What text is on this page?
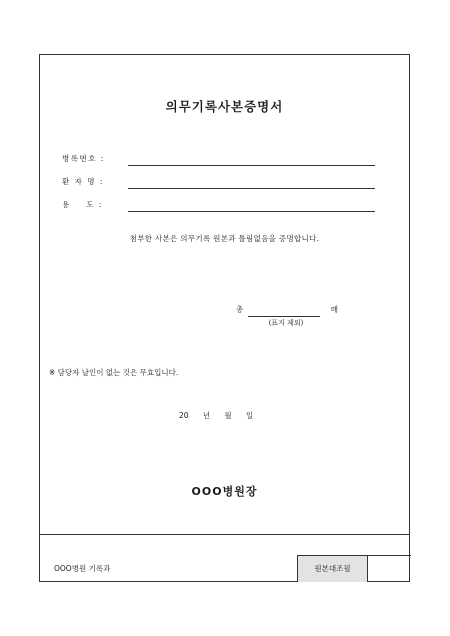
의무기록사본증명서
병록번호 :
환 자 명 :
용    도 :
첨부한 사본은 의무기록 원본과 틀림없음을 증명합니다.
총	매
(표지 제외)
※ 담당자 날인이 없는 것은 무효입니다.
20      년      월      일
OOO병원장
OOO병원 기록과	원본대조필
